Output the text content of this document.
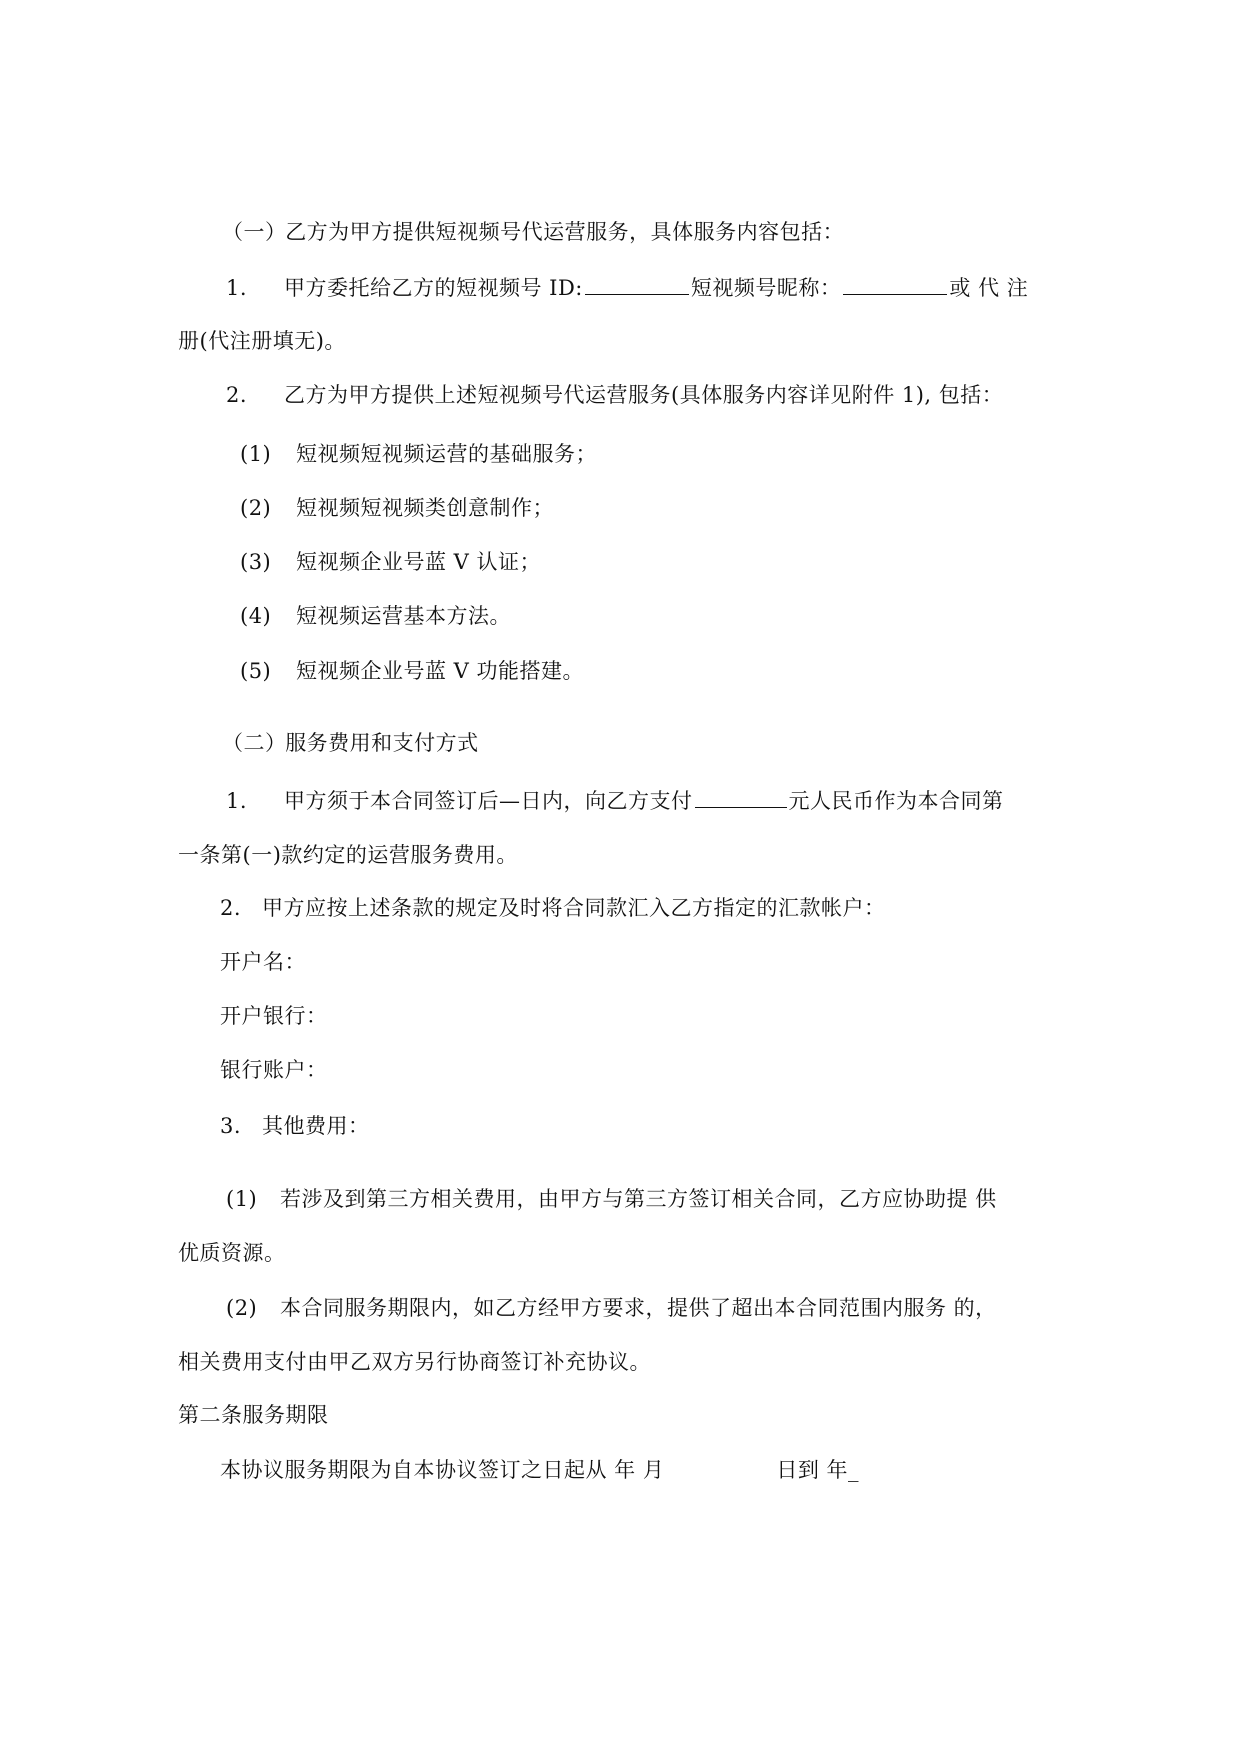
（一） 乙方为甲方提供短视频号代运营服务，具体服务内容包括：
1. 甲方委托给乙方的短视频号 ID:	短视频号昵称：	或 代 注
册(代注册填无)。
2. 乙方为甲方提供上述短视频号代运营服务(具体服务内容详见附件 1), 包括：
(1) 短视频短视频运营的基础服务；
(2) 短视频短视频类创意制作；
(3) 短视频企业号蓝 V 认证；
(4) 短视频运营基本方法。
(5) 短视频企业号蓝 V 功能搭建。
（二） 服务费用和支付方式
1. 甲方须于本合同签订后—日内，向乙方支付	元人民币作为本合同第
一条第(一)款约定的运营服务费用。
2. 甲方应按上述条款的规定及时将合同款汇入乙方指定的汇款帐户：
开户名：
开户银行：
银行账户：
3. 其他费用：
(1) 若涉及到第三方相关费用，由甲方与第三方签订相关合同，乙方应协助提 供
优质资源。
(2) 本合同服务期限内，如乙方经甲方要求，提供了超出本合同范围内服务 的，
相关费用支付由甲乙双方另行协商签订补充协议。
第二条服务期限
本协议服务期限为自本协议签订之日起从 年 月	日到 年_
